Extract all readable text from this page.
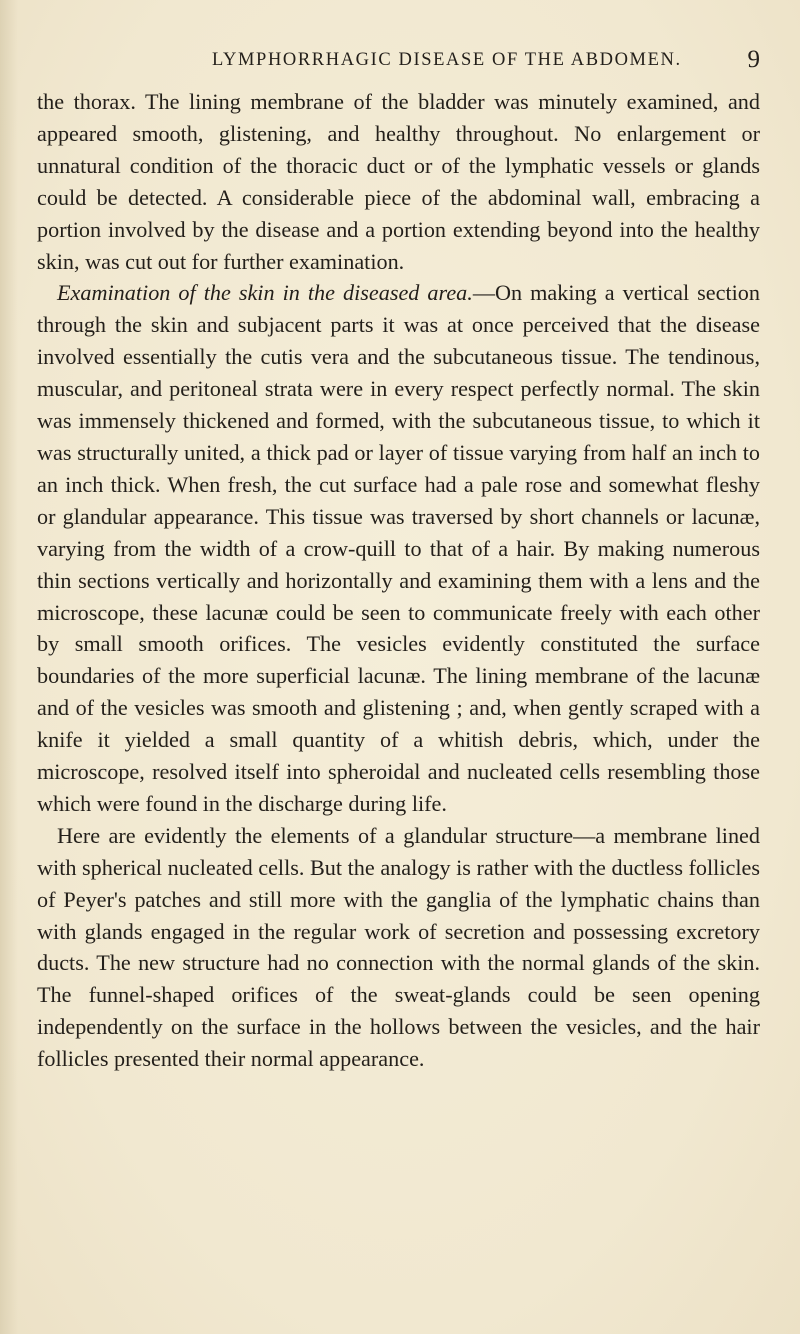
LYMPHORRHAGIC DISEASE OF THE ABDOMEN.	9

the thorax. The lining membrane of the bladder was minutely examined, and appeared smooth, glistening, and healthy throughout. No enlargement or unnatural condition of the thoracic duct or of the lymphatic vessels or glands could be detected. A considerable piece of the abdominal wall, embracing a portion involved by the disease and a portion extending beyond into the healthy skin, was cut out for further examination.

Examination of the skin in the diseased area.—On making a vertical section through the skin and subjacent parts it was at once perceived that the disease involved essentially the cutis vera and the subcutaneous tissue. The tendinous, muscular, and peritoneal strata were in every respect perfectly normal. The skin was immensely thickened and formed, with the subcutaneous tissue, to which it was structurally united, a thick pad or layer of tissue varying from half an inch to an inch thick. When fresh, the cut surface had a pale rose and somewhat fleshy or glandular appearance. This tissue was traversed by short channels or lacunæ, varying from the width of a crow-quill to that of a hair. By making numerous thin sections vertically and horizontally and examining them with a lens and the microscope, these lacunæ could be seen to communicate freely with each other by small smooth orifices. The vesicles evidently constituted the surface boundaries of the more superficial lacunæ. The lining membrane of the lacunæ and of the vesicles was smooth and glistening ; and, when gently scraped with a knife it yielded a small quantity of a whitish debris, which, under the microscope, resolved itself into spheroidal and nucleated cells resembling those which were found in the discharge during life.

Here are evidently the elements of a glandular structure—a membrane lined with spherical nucleated cells. But the analogy is rather with the ductless follicles of Peyer's patches and still more with the ganglia of the lymphatic chains than with glands engaged in the regular work of secretion and possessing excretory ducts. The new structure had no connection with the normal glands of the skin. The funnel-shaped orifices of the sweat-glands could be seen opening independently on the surface in the hollows between the vesicles, and the hair follicles presented their normal appearance.
